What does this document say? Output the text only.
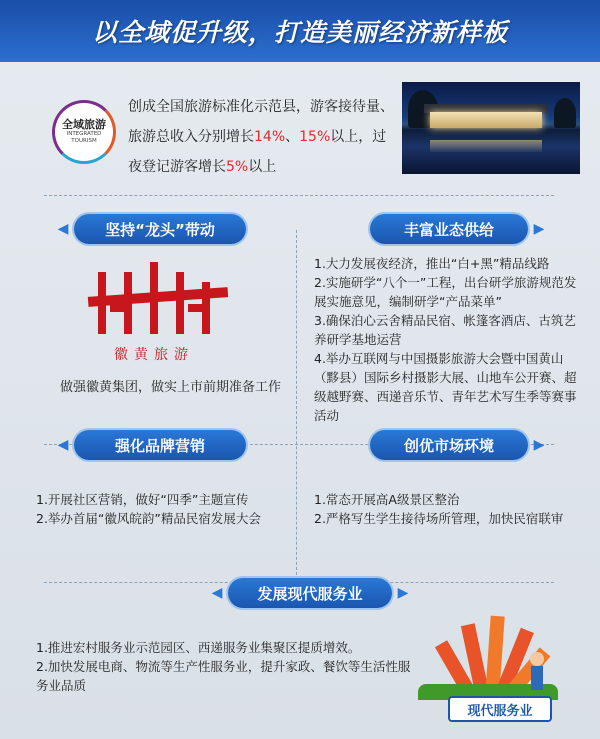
以全域促升级，打造美丽经济新样板
全域旅游
INTEGRATED
TOURISM
创成全国旅游标准化示范县，游客接待量、旅游总收入分别增长14%、15%以上，过夜登记游客增长5%以上
◀ 坚持“龙头”带动
徽黄旅游
做强徽黄集团，做实上市前期准备工作
丰富业态供给	▶
1.大力发展夜经济，推出“白+黑”精品线路
2.实施研学“八个一”工程，出台研学旅游规范发展实施意见，编制研学“产品菜单”
3.确保泊心云舍精品民宿、帐篷客酒店、古筑艺养研学基地运营
4.举办互联网与中国摄影旅游大会暨中国黄山（黟县）国际乡村摄影大展、山地车公开赛、超级越野赛、西递音乐节、青年艺术写生季等赛事活动
◀	强化品牌营销
1.开展社区营销，做好“四季”主题宣传
2.举办首届“徽风皖韵”精品民宿发展大会
创优市场环境	▶
1.常态开展高A级景区整治
2.严格写生学生接待场所管理，加快民宿联审
◀ 发展现代服务业	▶
1.推进宏村服务业示范园区、西递服务业集聚区提质增效。
2.加快发展电商、物流等生产性服务业，提升家政、餐饮等生活性服务业品质
现代服务业
